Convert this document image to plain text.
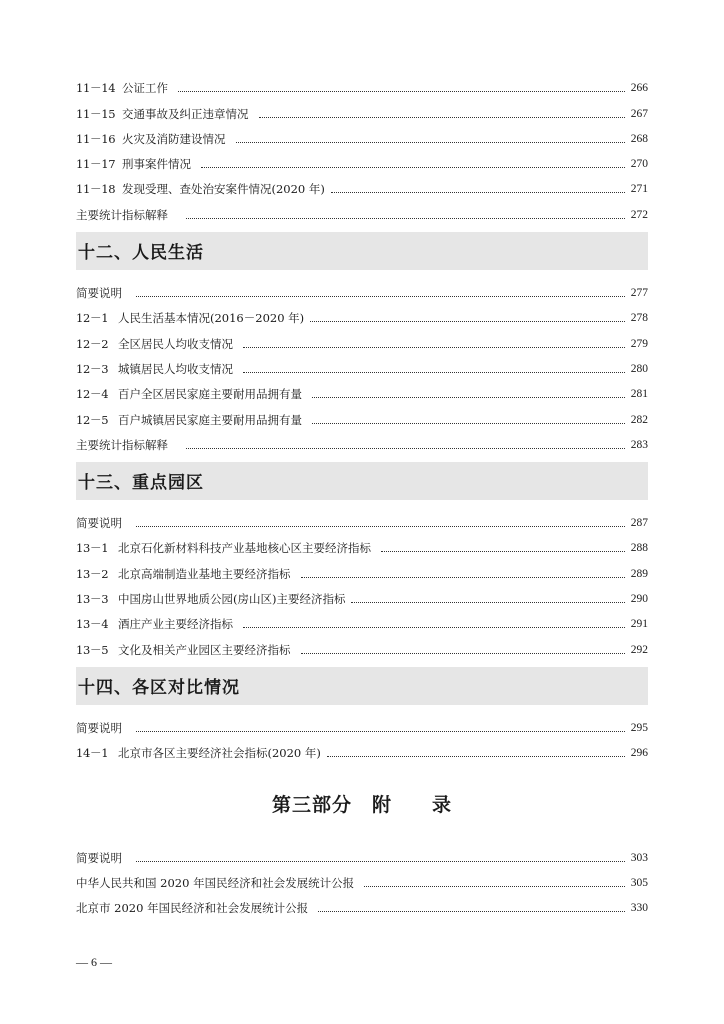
11－14 公证工作	266
11－15 交通事故及纠正违章情况	267
11－16 火灾及消防建设情况	268
11－17 刑事案件情况	270
11－18 发现受理、查处治安案件情况(2020 年)	271
主要统计指标解释	272
十二、人民生活
简要说明	277
12－1 人民生活基本情况(2016－2020 年)	278
12－2 全区居民人均收支情况	279
12－3 城镇居民人均收支情况	280
12－4 百户全区居民家庭主要耐用品拥有量	281
12－5 百户城镇居民家庭主要耐用品拥有量	282
主要统计指标解释	283
十三、重点园区
简要说明	287
13－1 北京石化新材料科技产业基地核心区主要经济指标	288
13－2 北京高端制造业基地主要经济指标	289
13－3 中国房山世界地质公园(房山区)主要经济指标	290
13－4 酒庄产业主要经济指标	291
13－5 文化及相关产业园区主要经济指标	292
十四、各区对比情况
简要说明	295
14－1 北京市各区主要经济社会指标(2020 年)	296
第三部分　附　　录
简要说明	303
中华人民共和国 2020 年国民经济和社会发展统计公报	305
北京市 2020 年国民经济和社会发展统计公报	330
— 6 —
